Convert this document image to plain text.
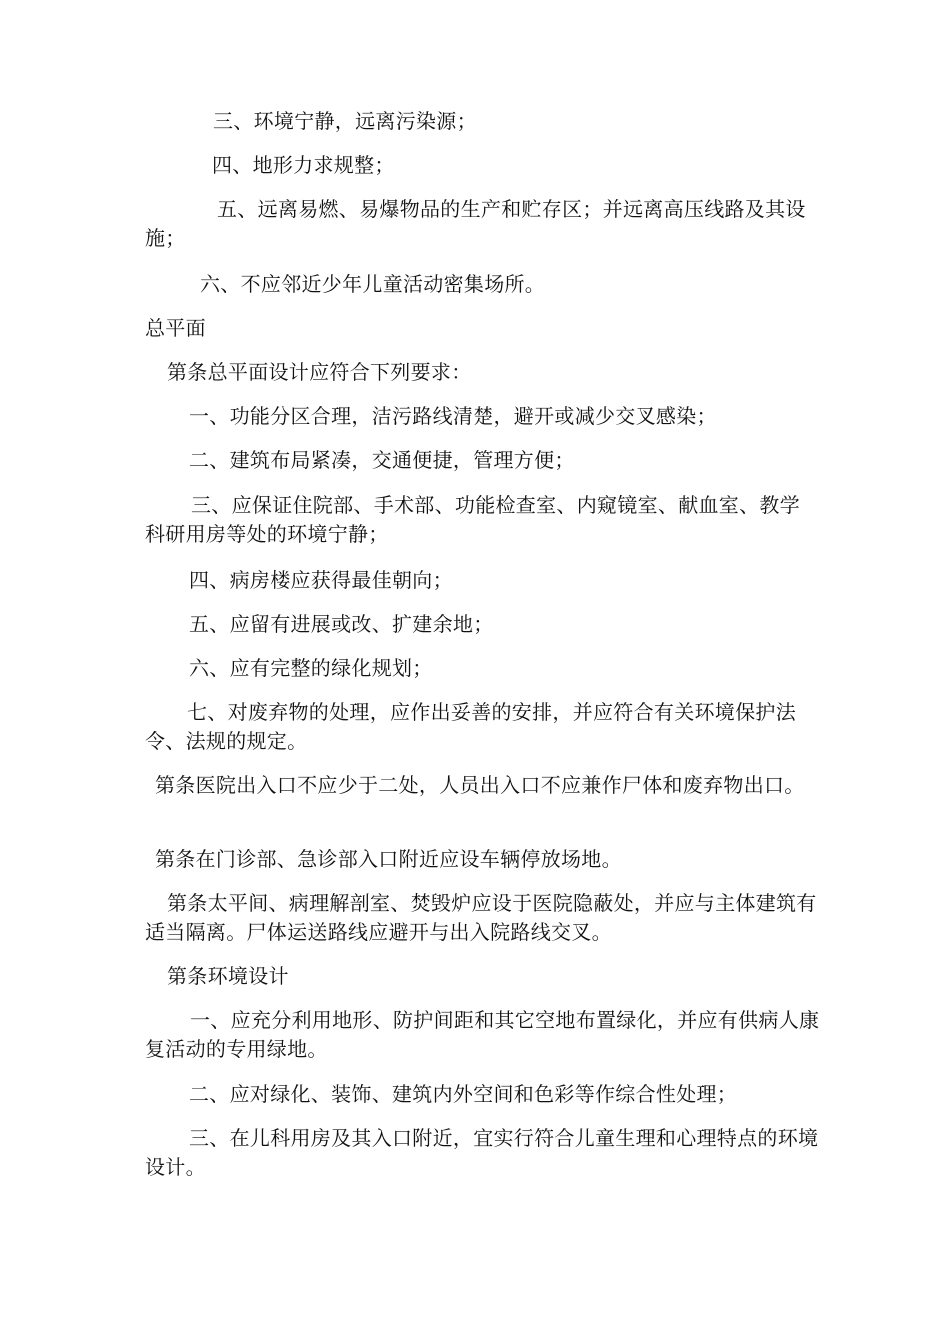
三、环境宁静，远离污染源；

四、地形力求规整；

五、远离易燃、易爆物品的生产和贮存区；并远离高压线路及其设施；

六、不应邻近少年儿童活动密集场所。

总平面

第条总平面设计应符合下列要求：

一、功能分区合理，洁污路线清楚，避开或减少交叉感染；

二、建筑布局紧凑，交通便捷，管理方便；

三、应保证住院部、手术部、功能检查室、内窥镜室、献血室、教学科研用房等处的环境宁静；

四、病房楼应获得最佳朝向；

五、应留有进展或改、扩建余地；

六、应有完整的绿化规划；

七、对废弃物的处理，应作出妥善的安排，并应符合有关环境保护法令、法规的规定。

第条医院出入口不应少于二处，人员出入口不应兼作尸体和废弃物出口。

第条在门诊部、急诊部入口附近应设车辆停放场地。

第条太平间、病理解剖室、焚毁炉应设于医院隐蔽处，并应与主体建筑有适当隔离。尸体运送路线应避开与出入院路线交叉。

第条环境设计

一、应充分利用地形、防护间距和其它空地布置绿化，并应有供病人康复活动的专用绿地。

二、应对绿化、装饰、建筑内外空间和色彩等作综合性处理；

三、在儿科用房及其入口附近，宜实行符合儿童生理和心理特点的环境设计。
